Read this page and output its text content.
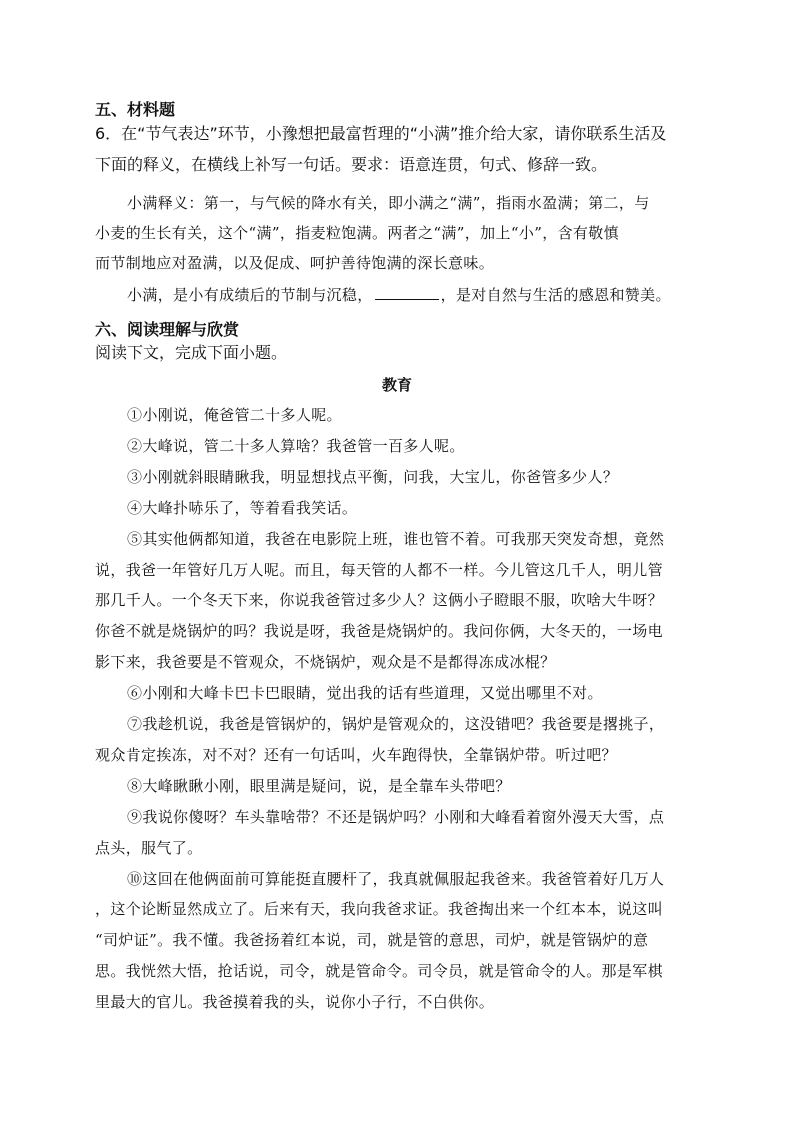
五、材料题
6．在“节气表达”环节，小豫想把最富哲理的“小满”推介给大家，请你联系生活及
下面的释义，在横线上补写一句话。要求：语意连贯，句式、修辞一致。
小满释义：第一，与气候的降水有关，即小满之“满”，指雨水盈满；第二，与
小麦的生长有关，这个“满”，指麦粒饱满。两者之“满”，加上“小”，含有敬慎
而节制地应对盈满，以及促成、呵护善待饱满的深长意味。
小满，是小有成绩后的节制与沉稳，	，是对自然与生活的感恩和赞美。
六、阅读理解与欣赏
阅读下文，完成下面小题。
教育
①小刚说，俺爸管二十多人呢。
②大峰说，管二十多人算啥？我爸管一百多人呢。
③小刚就斜眼睛瞅我，明显想找点平衡，问我，大宝儿，你爸管多少人？
④大峰扑哧乐了，等着看我笑话。
⑤其实他俩都知道，我爸在电影院上班，谁也管不着。可我那天突发奇想，竟然
说，我爸一年管好几万人呢。而且，每天管的人都不一样。今儿管这几千人，明儿管
那几千人。一个冬天下来，你说我爸管过多少人？这俩小子瞪眼不服，吹啥大牛呀？
你爸不就是烧锅炉的吗？我说是呀，我爸是烧锅炉的。我问你俩，大冬天的，一场电
影下来，我爸要是不管观众，不烧锅炉，观众是不是都得冻成冰棍？
⑥小刚和大峰卡巴卡巴眼睛，觉出我的话有些道理，又觉出哪里不对。
⑦我趁机说，我爸是管锅炉的，锅炉是管观众的，这没错吧？我爸要是撂挑子，
观众肯定挨冻，对不对？还有一句话叫，火车跑得快，全靠锅炉带。听过吧？
⑧大峰瞅瞅小刚，眼里满是疑问，说，是全靠车头带吧？
⑨我说你傻呀？车头靠啥带？不还是锅炉吗？小刚和大峰看着窗外漫天大雪，点
点头，服气了。
⑩这回在他俩面前可算能挺直腰杆了，我真就佩服起我爸来。我爸管着好几万人
，这个论断显然成立了。后来有天，我向我爸求证。我爸掏出来一个红本本，说这叫
“司炉证”。我不懂。我爸扬着红本说，司，就是管的意思，司炉，就是管锅炉的意
思。我恍然大悟，抢话说，司令，就是管命令。司令员，就是管命令的人。那是军棋
里最大的官儿。我爸摸着我的头，说你小子行，不白供你。
